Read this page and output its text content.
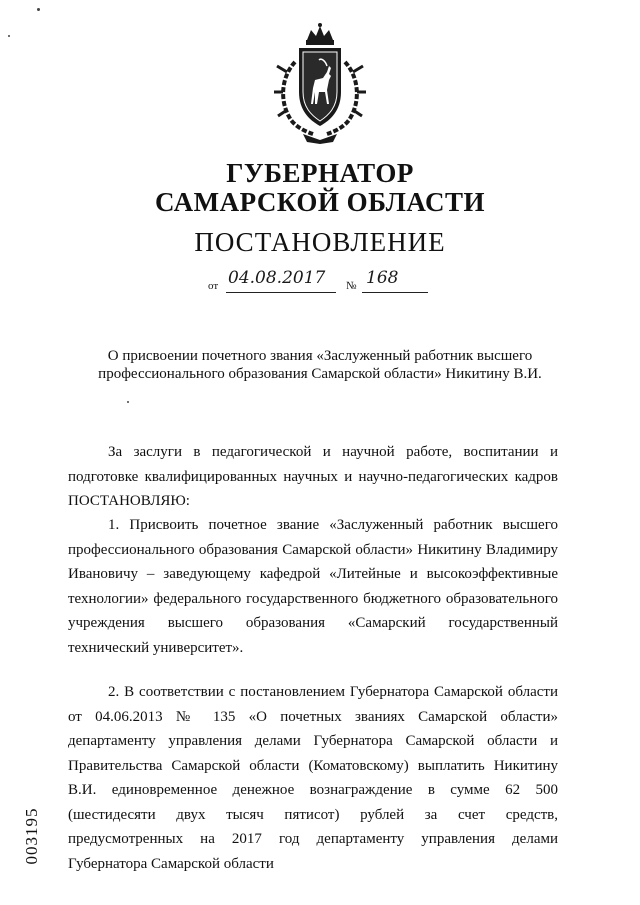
ГУБЕРНАТОР
САМАРСКОЙ ОБЛАСТИ
ПОСТАНОВЛЕНИЕ
от 04.08.2017 № 168
О присвоении почетного звания «Заслуженный работник высшего
профессионального образования Самарской области» Никитину В.И.

За заслуги в педагогической и научной работе, воспитании и подготовке квалифицированных научных и научно-педагогических кадров ПОСТАНОВЛЯЮ:

1. Присвоить почетное звание «Заслуженный работник высшего профессионального образования Самарской области» Никитину Владимиру Ивановичу – заведующему кафедрой «Литейные и высокоэффективные технологии» федерального государственного бюджетного образовательного учреждения высшего образования «Самарский государственный технический университет».

2. В соответствии с постановлением Губернатора Самарской области от 04.06.2013 № 135 «О почетных званиях Самарской области» департаменту управления делами Губернатора Самарской области и Правительства Самарской области (Коматовскому) выплатить Никитину В.И. единовременное денежное вознаграждение в сумме 62 500 (шестидесяти двух тысяч пятисот) рублей за счет средств, предусмотренных на 2017 год департаменту управления делами Губернатора Самарской области

003195
